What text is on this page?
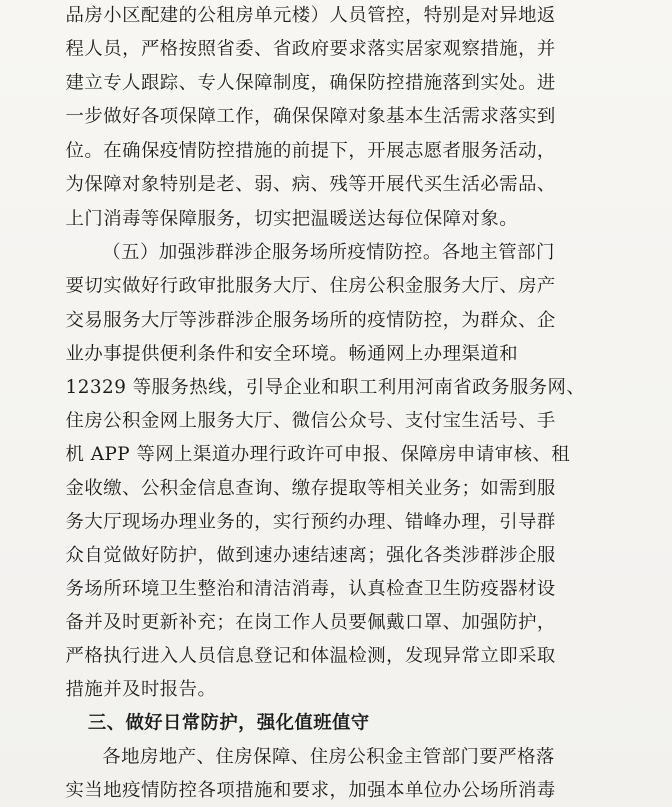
品房小区配建的公租房单元楼）人员管控，特别是对异地返
程人员，严格按照省委、省政府要求落实居家观察措施，并
建立专人跟踪、专人保障制度，确保防控措施落到实处。进
一步做好各项保障工作，确保保障对象基本生活需求落实到
位。在确保疫情防控措施的前提下，开展志愿者服务活动，
为保障对象特别是老、弱、病、残等开展代买生活必需品、
上门消毒等保障服务，切实把温暖送达每位保障对象。
（五）加强涉群涉企服务场所疫情防控。各地主管部门
要切实做好行政审批服务大厅、住房公积金服务大厅、房产
交易服务大厅等涉群涉企服务场所的疫情防控，为群众、企
业办事提供便利条件和安全环境。畅通网上办理渠道和
12329 等服务热线，引导企业和职工利用河南省政务服务网、
住房公积金网上服务大厅、微信公众号、支付宝生活号、手
机 APP 等网上渠道办理行政许可申报、保障房申请审核、租
金收缴、公积金信息查询、缴存提取等相关业务；如需到服
务大厅现场办理业务的，实行预约办理、错峰办理，引导群
众自觉做好防护，做到速办速结速离；强化各类涉群涉企服
务场所环境卫生整治和清洁消毒，认真检查卫生防疫器材设
备并及时更新补充；在岗工作人员要佩戴口罩、加强防护，
严格执行进入人员信息登记和体温检测，发现异常立即采取
措施并及时报告。
三、做好日常防护，强化值班值守
各地房地产、住房保障、住房公积金主管部门要严格落
实当地疫情防控各项措施和要求，加强本单位办公场所消毒
